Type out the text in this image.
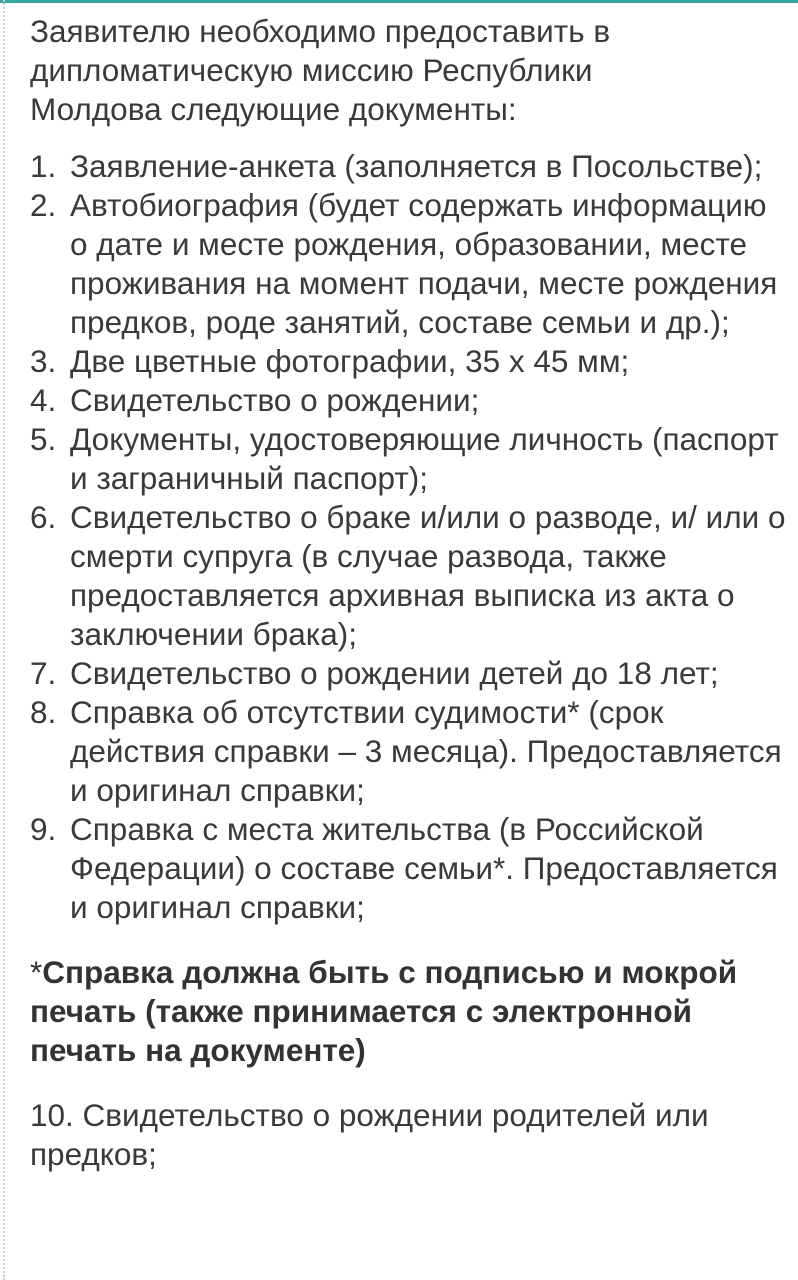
Заявителю необходимо предоставить в дипломатическую миссию Республики Молдова следующие документы:

1. Заявление-анкета (заполняется в Посольстве);
2. Автобиография (будет содержать информацию о дате и месте рождения, образовании, месте проживания на момент подачи, месте рождения предков, роде занятий, составе семьи и др.);
3. Две цветные фотографии, 35 х 45 мм;
4. Свидетельство о рождении;
5. Документы, удостоверяющие личность (паспорт и заграничный паспорт);
6. Свидетельство о браке и/или о разводе, и/ или о смерти супруга (в случае развода, также предоставляется архивная выписка из акта о заключении брака);
7. Свидетельство о рождении детей до 18 лет;
8. Справка об отсутствии судимости* (срок действия справки – 3 месяца). Предоставляется и оригинал справки;
9. Справка с места жительства (в Российской Федерации) о составе семьи*. Предоставляется и оригинал справки;

*Справка должна быть с подписью и мокрой печать (также принимается с электронной печать на документе)

10. Свидетельство о рождении родителей или предков;
